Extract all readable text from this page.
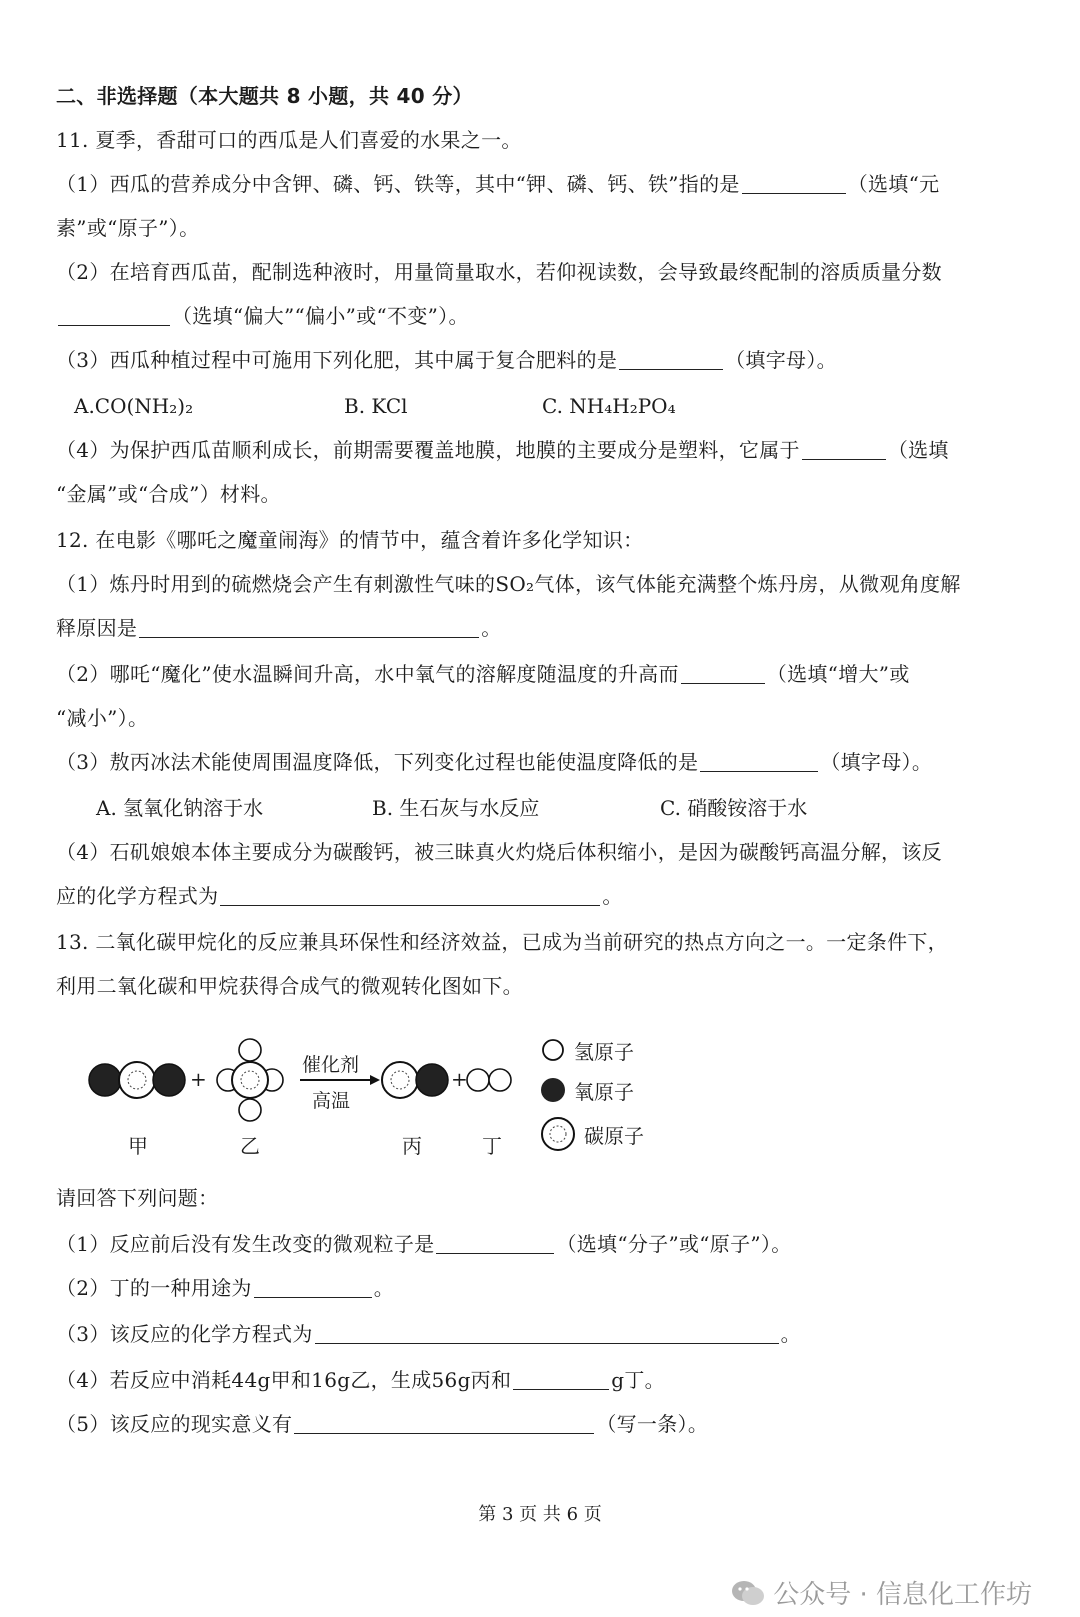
二、非选择题（本大题共 8 小题，共 40 分）
11. 夏季，香甜可口的西瓜是人们喜爱的水果之一。
（1）西瓜的营养成分中含钾、磷、钙、铁等，其中“钾、磷、钙、铁”指的是	（选填“元
素”或“原子”）。
（2）在培育西瓜苗，配制选种液时，用量筒量取水，若仰视读数，会导致最终配制的溶质质量分数
（选填“偏大”“偏小”或“不变”）。
（3）西瓜种植过程中可施用下列化肥，其中属于复合肥料的是	（填字母）。
A.CO(NH₂)₂	B. KCl	C. NH₄H₂PO₄
（4）为保护西瓜苗顺利成长，前期需要覆盖地膜，地膜的主要成分是塑料，它属于	（选填
“金属”或“合成”）材料。
12. 在电影《哪吒之魔童闹海》的情节中，蕴含着许多化学知识：
（1）炼丹时用到的硫燃烧会产生有刺激性气味的SO₂气体，该气体能充满整个炼丹房，从微观角度解
释原因是	。
（2）哪吒“魔化”使水温瞬间升高，水中氧气的溶解度随温度的升高而	（选填“增大”或
“减小”）。
（3）敖丙冰法术能使周围温度降低，下列变化过程也能使温度降低的是	（填字母）。
A. 氢氧化钠溶于水	B. 生石灰与水反应	C. 硝酸铵溶于水
（4）石矶娘娘本体主要成分为碳酸钙，被三昧真火灼烧后体积缩小，是因为碳酸钙高温分解，该反
应的化学方程式为	。
13. 二氧化碳甲烷化的反应兼具环保性和经济效益，已成为当前研究的热点方向之一。一定条件下，
利用二氧化碳和甲烷获得合成气的微观转化图如下。
+	+
催化剂
高温
甲	乙	丙	丁
氢原子
氧原子
碳原子
请回答下列问题：
（1）反应前后没有发生改变的微观粒子是	（选填“分子”或“原子”）。
（2）丁的一种用途为	。
（3）该反应的化学方程式为	。
（4）若反应中消耗44g甲和16g乙，生成56g丙和	g丁。
（5）该反应的现实意义有	（写一条）。
第 3 页 共 6 页
公众号 · 信息化工作坊
